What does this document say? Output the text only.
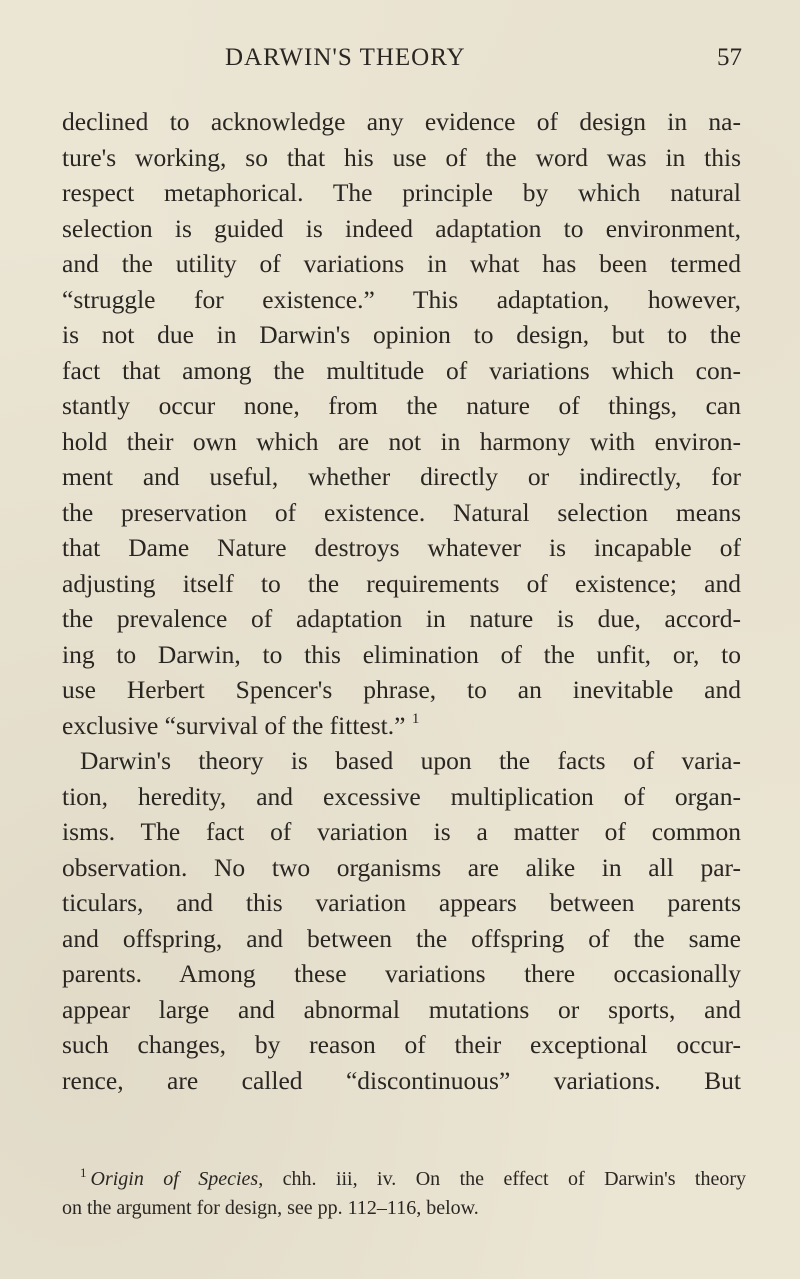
DARWIN'S THEORY	57
declined to acknowledge any evidence of design in na-
ture's working, so that his use of the word was in this
respect metaphorical. The principle by which natural
selection is guided is indeed adaptation to environment,
and the utility of variations in what has been termed
“struggle for existence.” This adaptation, however,
is not due in Darwin's opinion to design, but to the
fact that among the multitude of variations which con-
stantly occur none, from the nature of things, can
hold their own which are not in harmony with environ-
ment and useful, whether directly or indirectly, for
the preservation of existence. Natural selection means
that Dame Nature destroys whatever is incapable of
adjusting itself to the requirements of existence; and
the prevalence of adaptation in nature is due, accord-
ing to Darwin, to this elimination of the unfit, or, to
use Herbert Spencer's phrase, to an inevitable and
exclusive “survival of the fittest.” $^1$
Darwin's theory is based upon the facts of varia-
tion, heredity, and excessive multiplication of organ-
isms. The fact of variation is a matter of common
observation. No two organisms are alike in all par-
ticulars, and this variation appears between parents
and offspring, and between the offspring of the same
parents. Among these variations there occasionally
appear large and abnormal mutations or sports, and
such changes, by reason of their exceptional occur-
rence, are called “discontinuous” variations. But
$^1$ Origin of Species, chh. iii, iv. On the effect of Darwin's theory
on the argument for design, see pp. 112–116, below.
